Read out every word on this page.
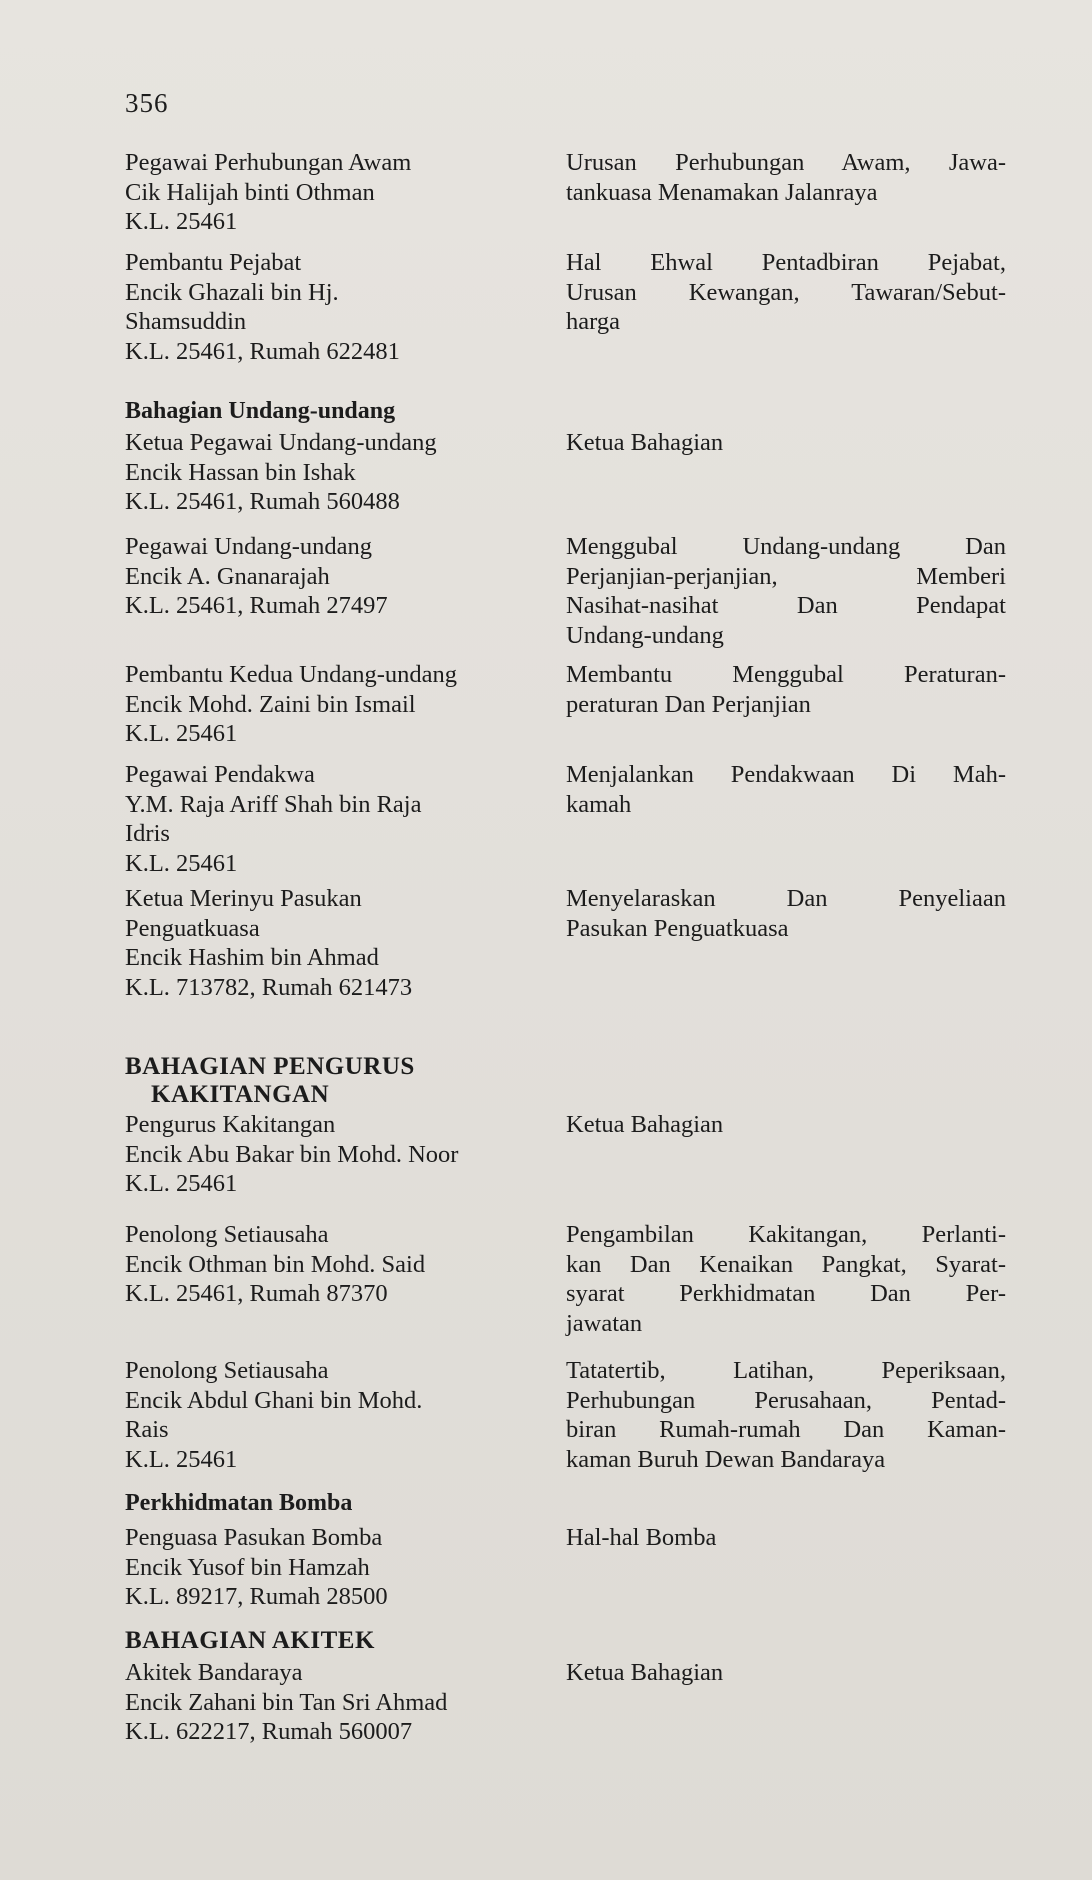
356
Pegawai Perhubungan Awam
Cik Halijah binti Othman
K.L. 25461
Urusan Perhubungan Awam, Jawa-
tankuasa Menamakan Jalanraya
Pembantu Pejabat
Encik Ghazali bin Hj.
Shamsuddin
K.L. 25461, Rumah 622481
Hal Ehwal Pentadbiran Pejabat,
Urusan Kewangan, Tawaran/Sebut-
harga
Bahagian Undang-undang
Ketua Pegawai Undang-undang
Encik Hassan bin Ishak
K.L. 25461, Rumah 560488
Ketua Bahagian
Pegawai Undang-undang
Encik A. Gnanarajah
K.L. 25461, Rumah 27497
Menggubal Undang-undang Dan
Perjanjian-perjanjian, Memberi
Nasihat-nasihat Dan Pendapat
Undang-undang
Pembantu Kedua Undang-undang
Encik Mohd. Zaini bin Ismail
K.L. 25461
Membantu Menggubal Peraturan-
peraturan Dan Perjanjian
Pegawai Pendakwa
Y.M. Raja Ariff Shah bin Raja
Idris
K.L. 25461
Menjalankan Pendakwaan Di Mah-
kamah
Ketua Merinyu Pasukan
Penguatkuasa
Encik Hashim bin Ahmad
K.L. 713782, Rumah 621473
Menyelaraskan Dan Penyeliaan
Pasukan Penguatkuasa
BAHAGIAN PENGURUS
KAKITANGAN
Pengurus Kakitangan
Encik Abu Bakar bin Mohd. Noor
K.L. 25461
Ketua Bahagian
Penolong Setiausaha
Encik Othman bin Mohd. Said
K.L. 25461, Rumah 87370
Pengambilan Kakitangan, Perlanti-
kan Dan Kenaikan Pangkat, Syarat-
syarat Perkhidmatan Dan Per-
jawatan
Penolong Setiausaha
Encik Abdul Ghani bin Mohd.
Rais
K.L. 25461
Tatatertib, Latihan, Peperiksaan,
Perhubungan Perusahaan, Pentad-
biran Rumah-rumah Dan Kaman-
kaman Buruh Dewan Bandaraya
Perkhidmatan Bomba
Penguasa Pasukan Bomba
Encik Yusof bin Hamzah
K.L. 89217, Rumah 28500
Hal-hal Bomba
BAHAGIAN AKITEK
Akitek Bandaraya
Encik Zahani bin Tan Sri Ahmad
K.L. 622217, Rumah 560007
Ketua Bahagian
